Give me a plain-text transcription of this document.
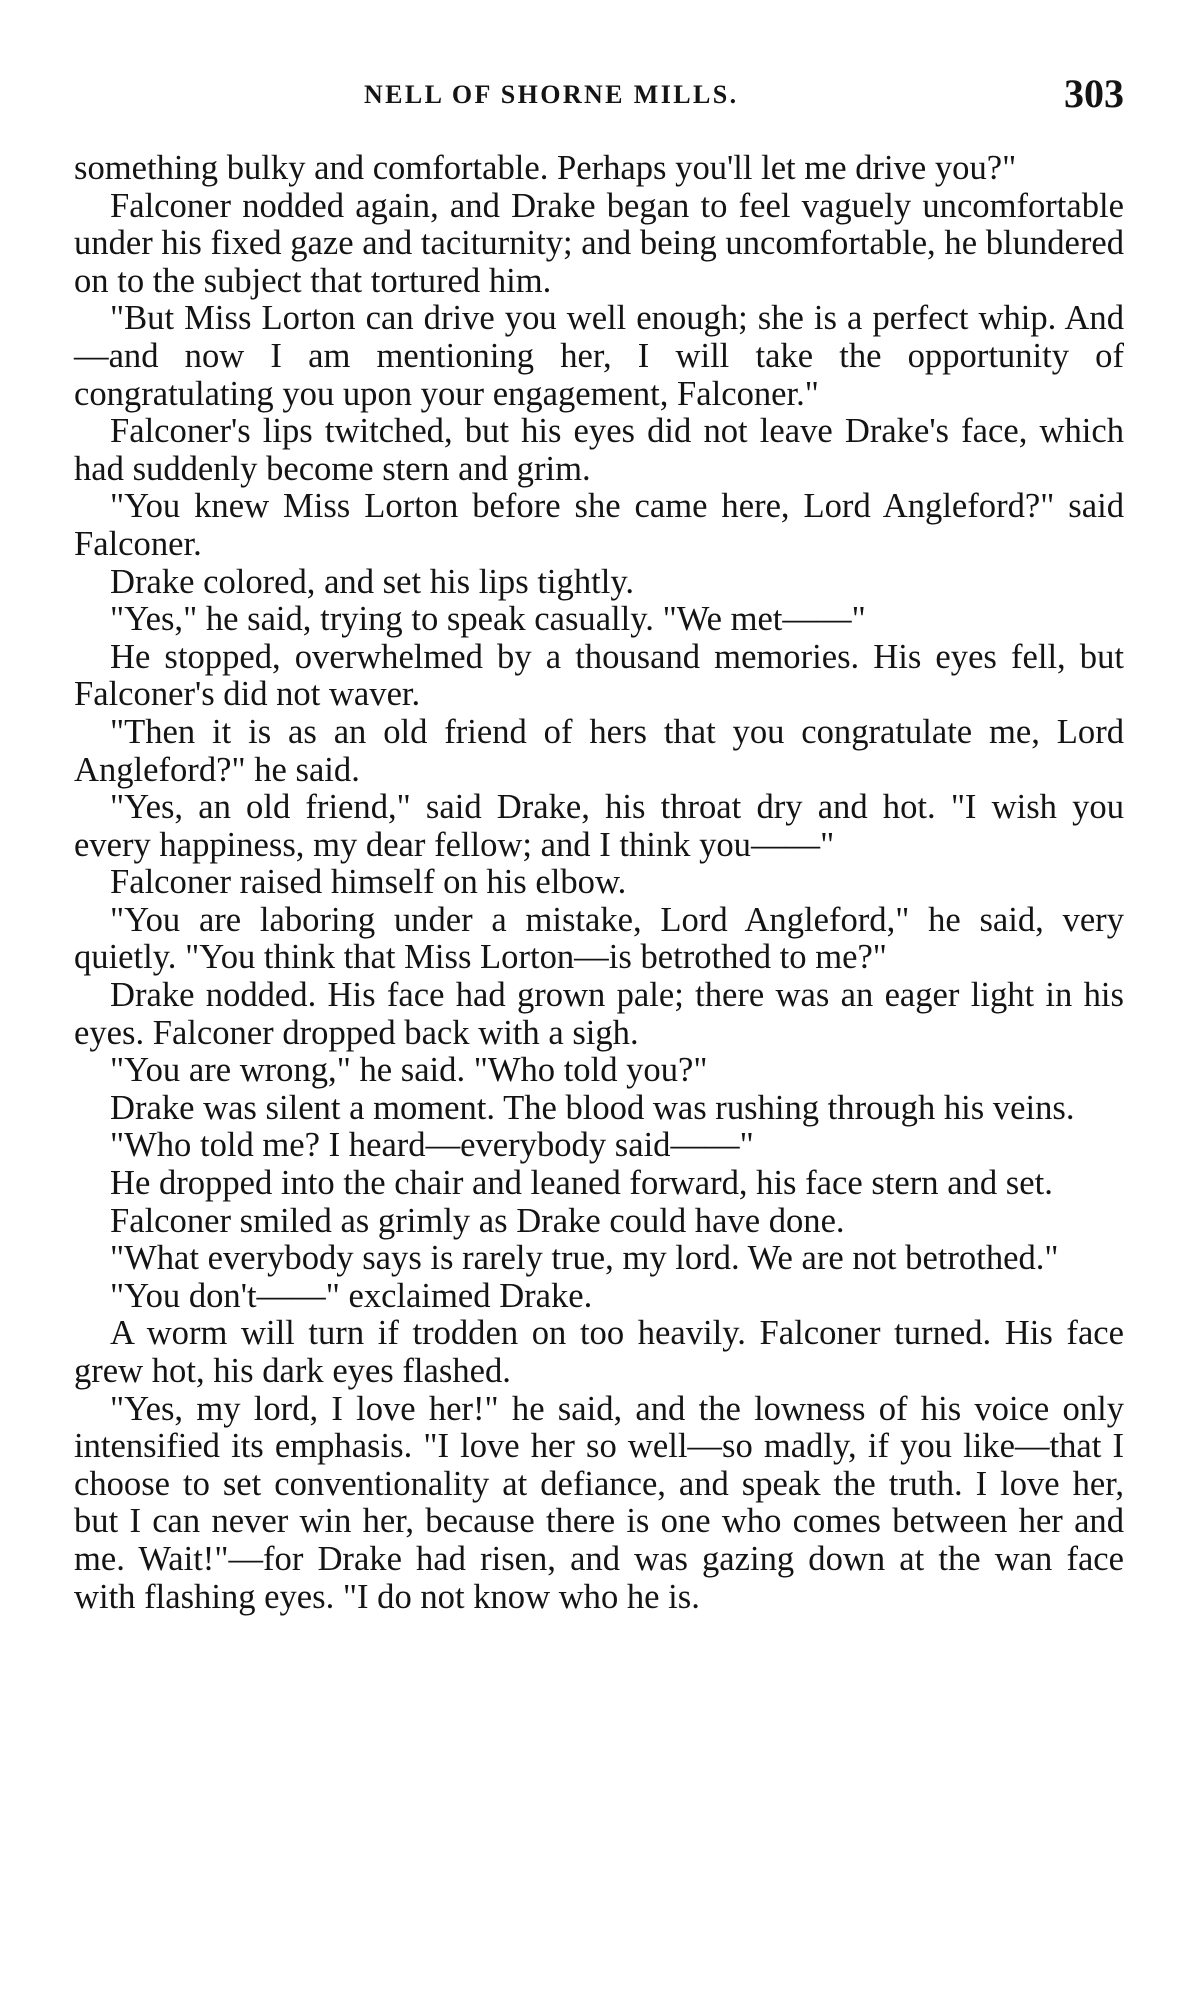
NELL OF SHORNE MILLS.	303

something bulky and comfortable. Perhaps you'll let me drive you?"

Falconer nodded again, and Drake began to feel vaguely uncomfortable under his fixed gaze and taciturnity; and being uncomfortable, he blundered on to the subject that tortured him.

"But Miss Lorton can drive you well enough; she is a perfect whip. And—and now I am mentioning her, I will take the opportunity of congratulating you upon your engagement, Falconer."

Falconer's lips twitched, but his eyes did not leave Drake's face, which had suddenly become stern and grim.

"You knew Miss Lorton before she came here, Lord Angleford?" said Falconer.

Drake colored, and set his lips tightly.

"Yes," he said, trying to speak casually. "We met——"

He stopped, overwhelmed by a thousand memories. His eyes fell, but Falconer's did not waver.

"Then it is as an old friend of hers that you congratulate me, Lord Angleford?" he said.

"Yes, an old friend," said Drake, his throat dry and hot. "I wish you every happiness, my dear fellow; and I think you——"

Falconer raised himself on his elbow.

"You are laboring under a mistake, Lord Angleford," he said, very quietly. "You think that Miss Lorton—is betrothed to me?"

Drake nodded. His face had grown pale; there was an eager light in his eyes. Falconer dropped back with a sigh.

"You are wrong," he said. "Who told you?"

Drake was silent a moment. The blood was rushing through his veins.

"Who told me? I heard—everybody said——"

He dropped into the chair and leaned forward, his face stern and set.

Falconer smiled as grimly as Drake could have done.

"What everybody says is rarely true, my lord. We are not betrothed."

"You don't——" exclaimed Drake.

A worm will turn if trodden on too heavily. Falconer turned. His face grew hot, his dark eyes flashed.

"Yes, my lord, I love her!" he said, and the lowness of his voice only intensified its emphasis. "I love her so well—so madly, if you like—that I choose to set conventionality at defiance, and speak the truth. I love her, but I can never win her, because there is one who comes between her and me. Wait!"—for Drake had risen, and was gazing down at the wan face with flashing eyes. "I do not know who he is.
